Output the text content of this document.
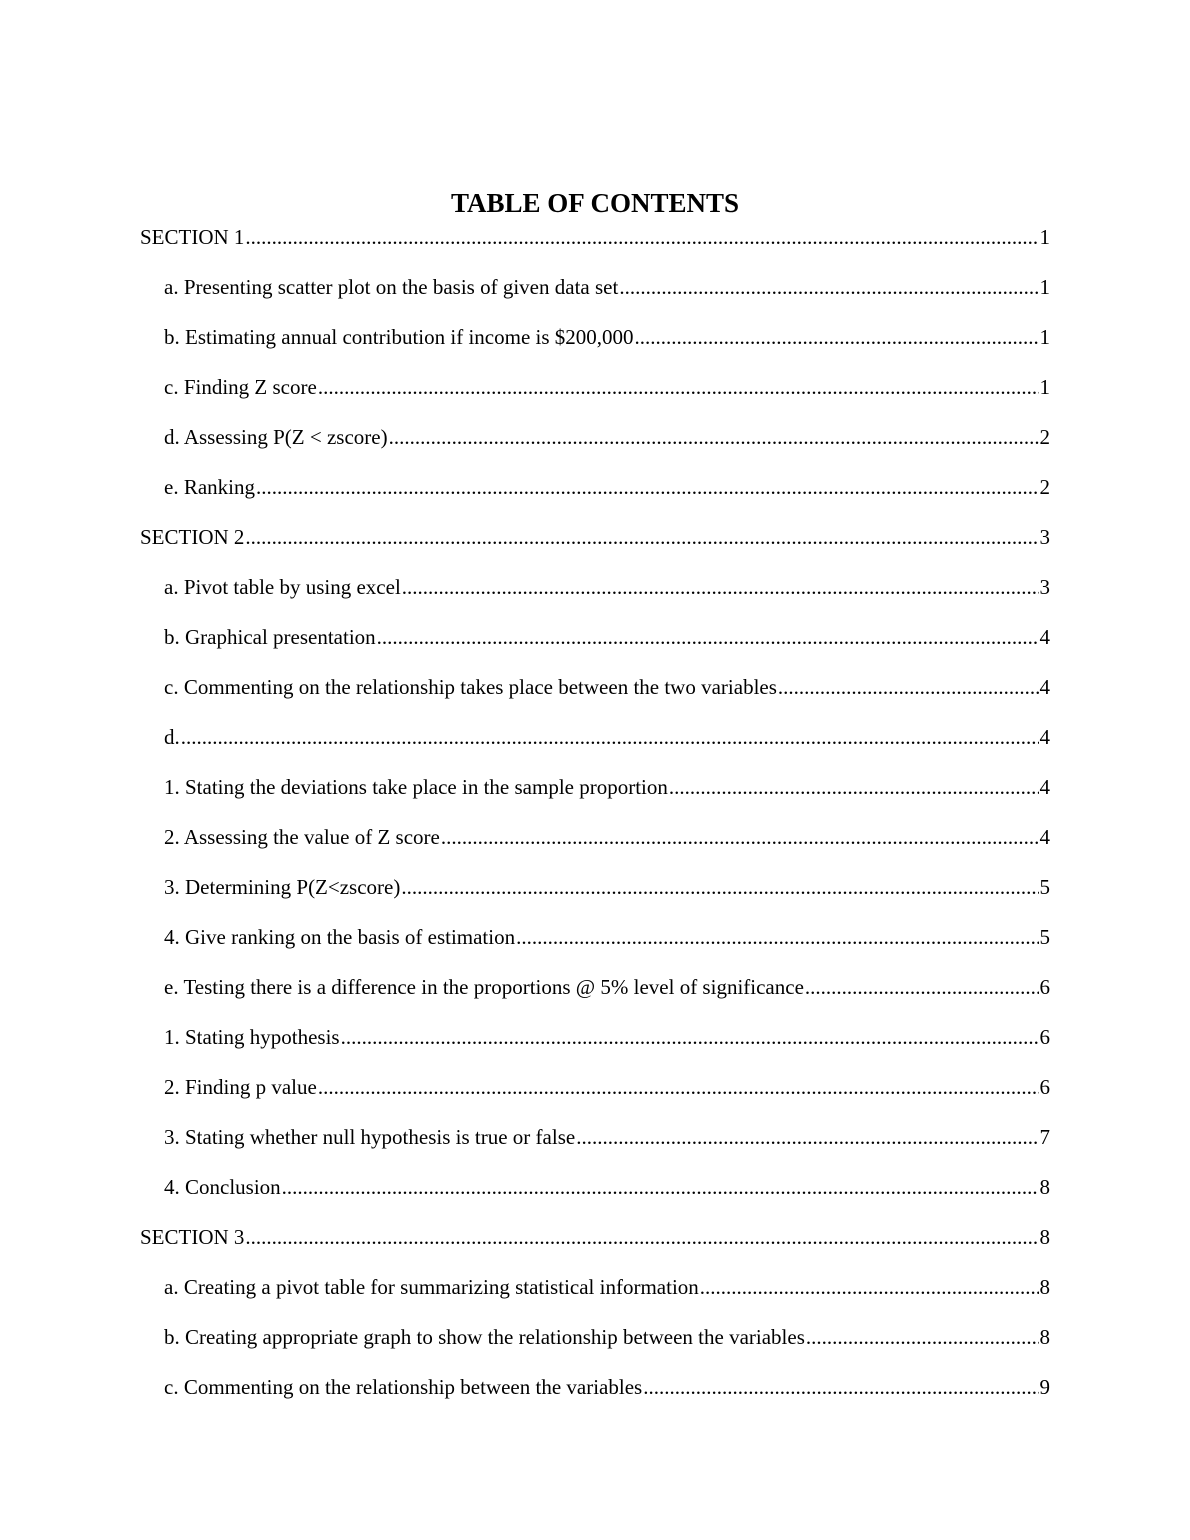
TABLE OF CONTENTS
SECTION 1 .....	1
a. Presenting scatter plot on the basis of given data set .....	1
b. Estimating annual contribution if income is $200,000 .....	1
c. Finding Z score .....	1
d. Assessing P(Z < zscore) .....	2
e. Ranking .....	2
SECTION 2 .....	3
a. Pivot table by using excel .....	3
b. Graphical presentation .....	4
c. Commenting on the relationship takes place between the two variables .....	4
d. .....	4
1. Stating the deviations take place in the sample proportion .....	4
2. Assessing the value of Z score .....	4
3. Determining P(Z<zscore) .....	5
4. Give ranking on the basis of estimation .....	5
e. Testing there is a difference in the proportions @ 5% level of significance .....	6
1. Stating hypothesis .....	6
2. Finding p value .....	6
3. Stating whether null hypothesis is true or false .....	7
4. Conclusion .....	8
SECTION 3 .....	8
a. Creating a pivot table for summarizing statistical information .....	8
b. Creating appropriate graph to show the relationship between the variables .....	8
c. Commenting on the relationship between the variables .....	9
